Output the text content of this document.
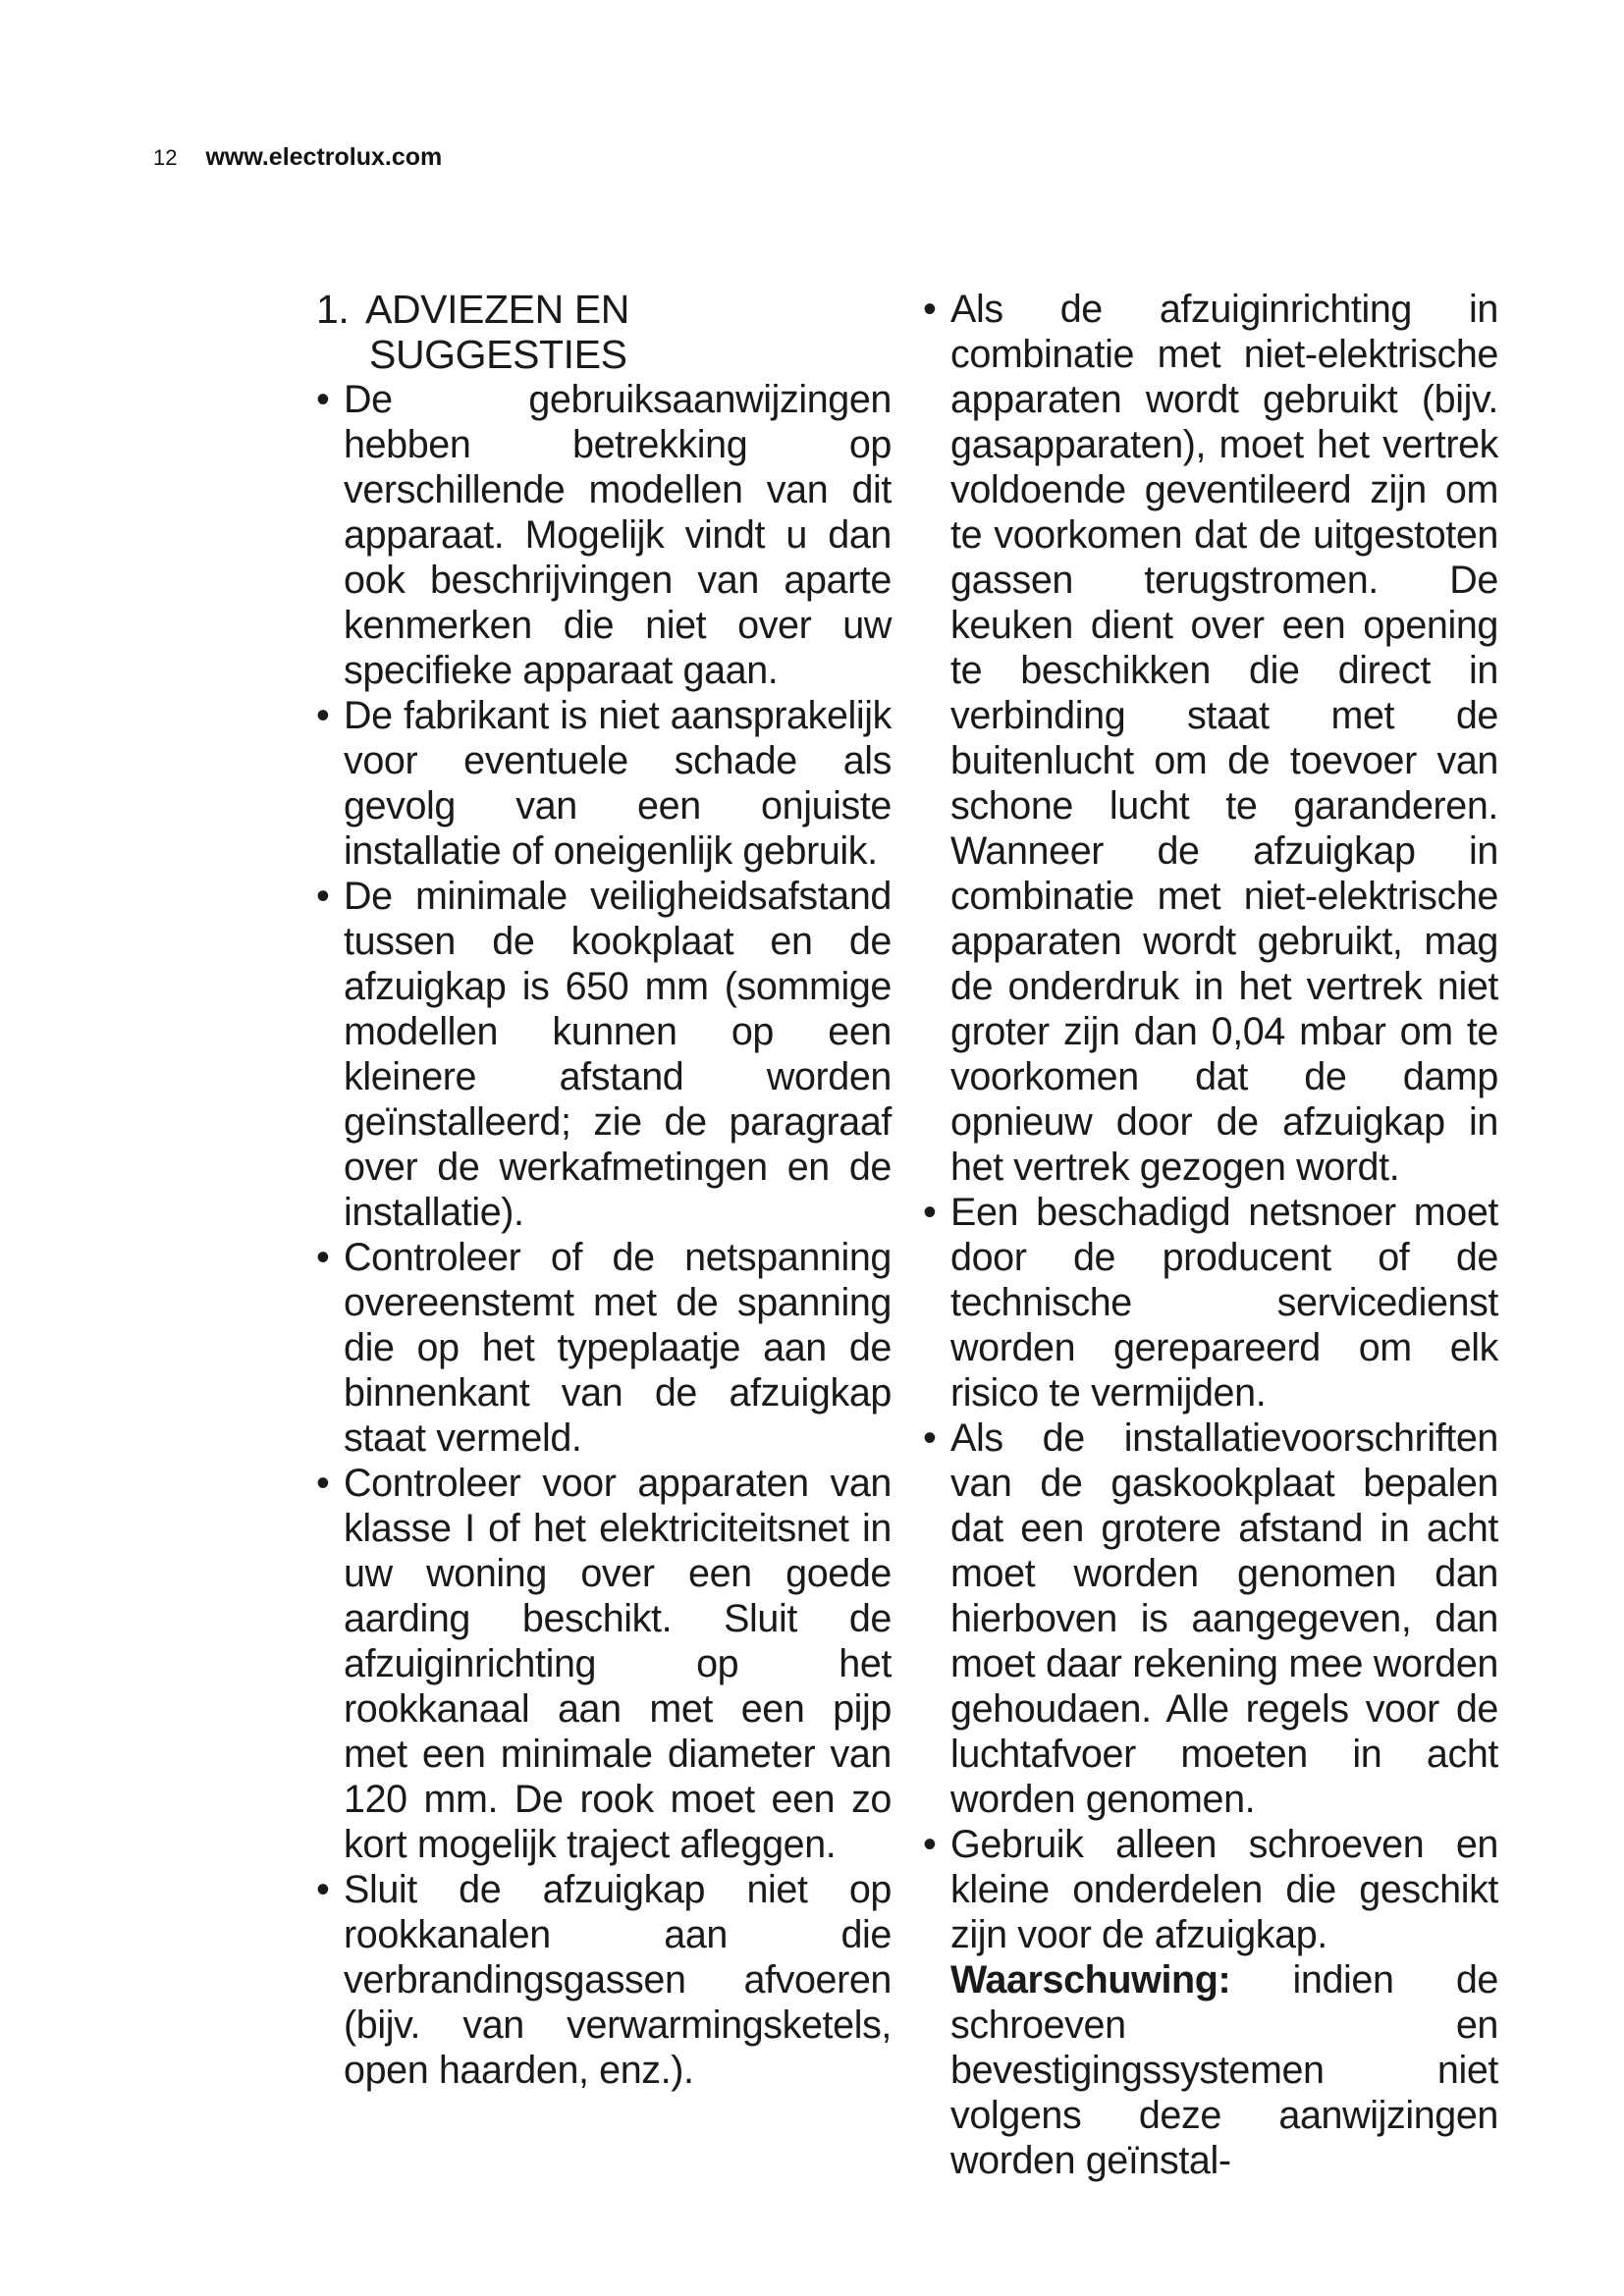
12 www.electrolux.com
1. ADVIEZEN EN
SUGGESTIES
• De gebruiksaanwijzingen hebben betrekking op verschillende modellen van dit apparaat. Mogelijk vindt u dan ook beschrijvingen van aparte kenmerken die niet over uw specifieke apparaat gaan.
• De fabrikant is niet aansprakelijk voor eventuele schade als gevolg van een onjuiste installatie of oneigenlijk gebruik.
• De minimale veiligheidsafstand tussen de kookplaat en de afzuigkap is 650 mm (sommige modellen kunnen op een kleinere afstand worden geïnstalleerd; zie de paragraaf over de werkafmetingen en de installatie).
• Controleer of de netspanning overeenstemt met de spanning die op het typeplaatje aan de binnenkant van de afzuigkap staat vermeld.
• Controleer voor apparaten van klasse I of het elektriciteitsnet in uw woning over een goede aarding beschikt. Sluit de afzuiginrichting op het rookkanaal aan met een pijp met een minimale diameter van 120 mm. De rook moet een zo kort mogelijk traject afleggen.
• Sluit de afzuigkap niet op rookkanalen aan die verbrandingsgassen afvoeren (bijv. van verwarmingsketels, open haarden, enz.).
• Als de afzuiginrichting in combinatie met niet-elektrische apparaten wordt gebruikt (bijv. gasapparaten), moet het vertrek voldoende geventileerd zijn om te voorkomen dat de uitgestoten gassen terugstromen. De keuken dient over een opening te beschikken die direct in verbinding staat met de buitenlucht om de toevoer van schone lucht te garanderen. Wanneer de afzuigkap in combinatie met niet-elektrische apparaten wordt gebruikt, mag de onderdruk in het vertrek niet groter zijn dan 0,04 mbar om te voorkomen dat de damp opnieuw door de afzuigkap in het vertrek gezogen wordt.
• Een beschadigd netsnoer moet door de producent of de technische servicedienst worden gerepareerd om elk risico te vermijden.
• Als de installatievoorschriften van de gaskookplaat bepalen dat een grotere afstand in acht moet worden genomen dan hierboven is aangegeven, dan moet daar rekening mee worden gehoudaen. Alle regels voor de luchtafvoer moeten in acht worden genomen.
• Gebruik alleen schroeven en kleine onderdelen die geschikt zijn voor de afzuigkap.

Waarschuwing: indien de schroeven en bevestigingssystemen niet volgens deze aanwijzingen worden geïnstal-
